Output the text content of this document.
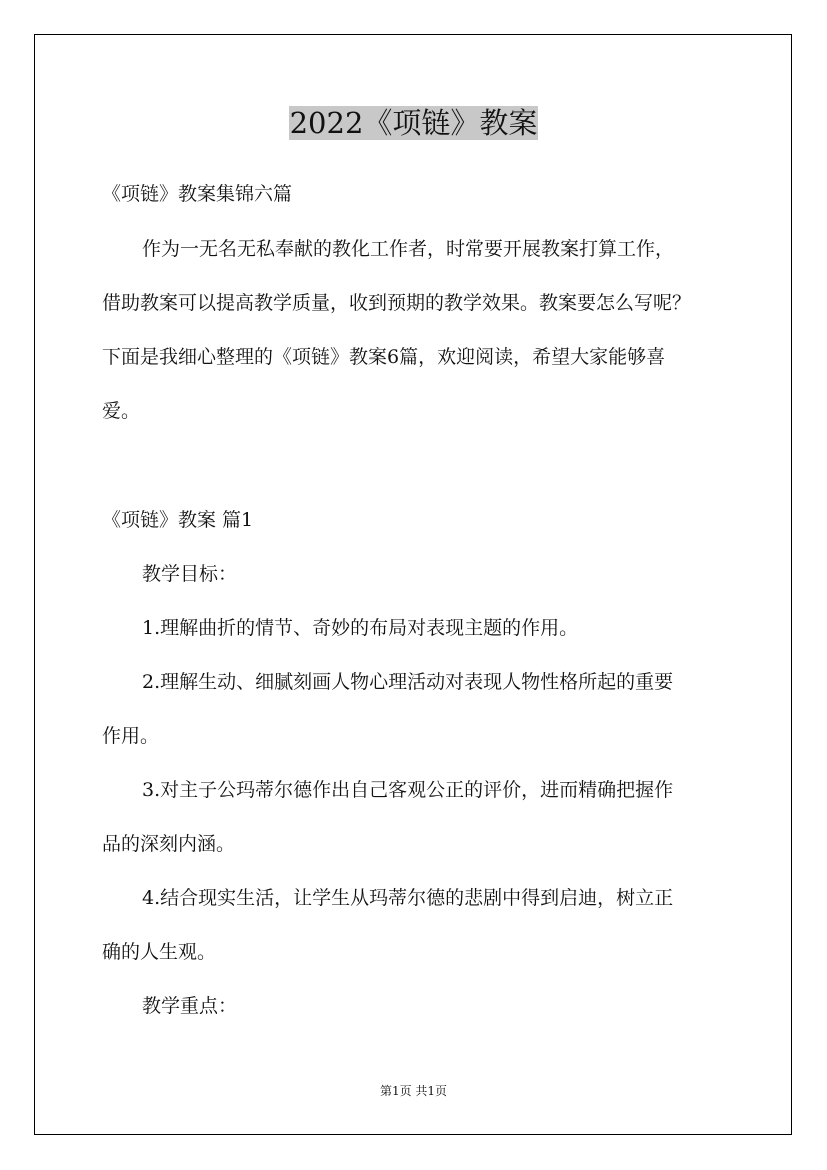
2022《项链》教案
《项链》教案集锦六篇
作为一无名无私奉献的教化工作者，时常要开展教案打算工作，
借助教案可以提高教学质量，收到预期的教学效果。教案要怎么写呢？
下面是我细心整理的《项链》教案6篇，欢迎阅读，希望大家能够喜
爱。
《项链》教案 篇1
教学目标：
1.理解曲折的情节、奇妙的布局对表现主题的作用。
2.理解生动、细腻刻画人物心理活动对表现人物性格所起的重要
作用。
3.对主子公玛蒂尔德作出自己客观公正的评价，进而精确把握作
品的深刻内涵。
4.结合现实生活，让学生从玛蒂尔德的悲剧中得到启迪，树立正
确的人生观。
教学重点：
第1页 共1页
